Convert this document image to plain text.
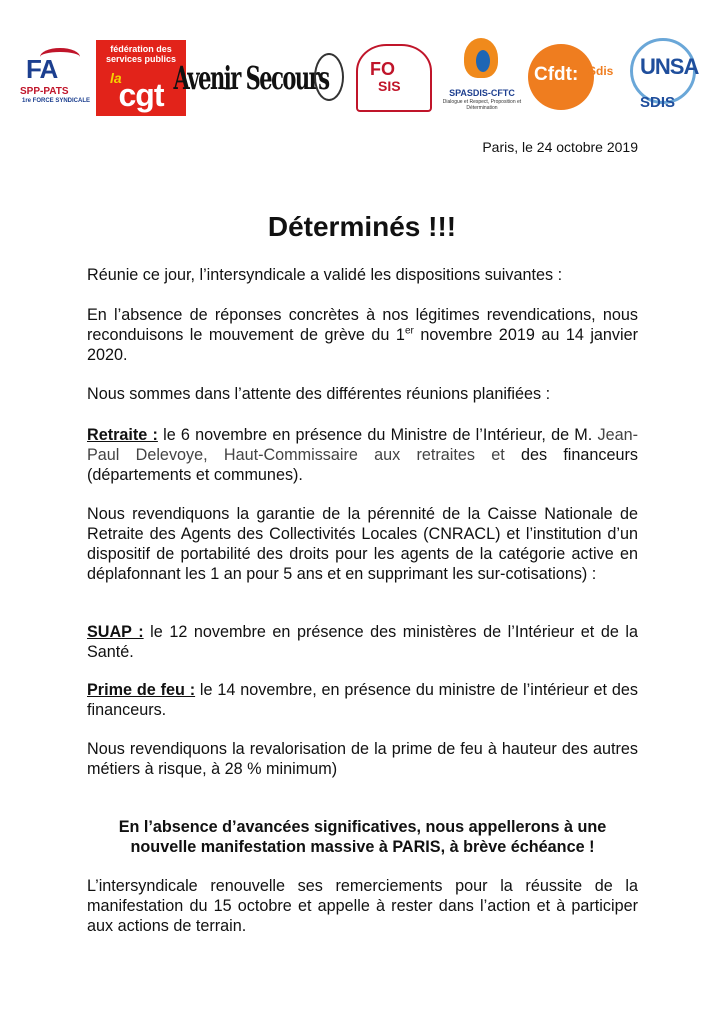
FA
SPP-PATS
1re FORCE SYNDICALE
fédération des services publics
la
cgt Avenir Secours FO
SIS	SPASDIS-CFTC
Dialogue et Respect, Proposition et Détermination
Cfdt: Sdis UNSA
SDIS
Paris, le 24 octobre 2019
Déterminés !!!

Réunie ce jour, l’intersyndicale a validé les dispositions suivantes :

En l’absence de réponses concrètes à nos légitimes revendications, nous reconduisons le mouvement de grève du 1er novembre 2019 au 14 janvier 2020.

Nous sommes dans l’attente des différentes réunions planifiées :

Retraite : le 6 novembre en présence du Ministre de l’Intérieur, de M. Jean-Paul Delevoye, Haut-Commissaire aux retraites et des financeurs (départements et communes).

Nous revendiquons la garantie de la pérennité de la Caisse Nationale de Retraite des Agents des Collectivités Locales (CNRACL) et l’institution d’un dispositif de portabilité des droits pour les agents de la catégorie active en déplafonnant les 1 an pour 5 ans et en supprimant les sur-cotisations) :

SUAP : le 12 novembre en présence des ministères de l’Intérieur et de la Santé.

Prime de feu : le 14 novembre, en présence du ministre de l’intérieur et des financeurs.

Nous revendiquons la revalorisation de la prime de feu à hauteur des autres métiers à risque, à 28 % minimum)

En l’absence d’avancées significatives, nous appellerons à une nouvelle manifestation massive à PARIS, à brève échéance !

L’intersyndicale renouvelle ses remerciements pour la réussite de la manifestation du 15 octobre et appelle à rester dans l’action et à participer aux actions de terrain.
